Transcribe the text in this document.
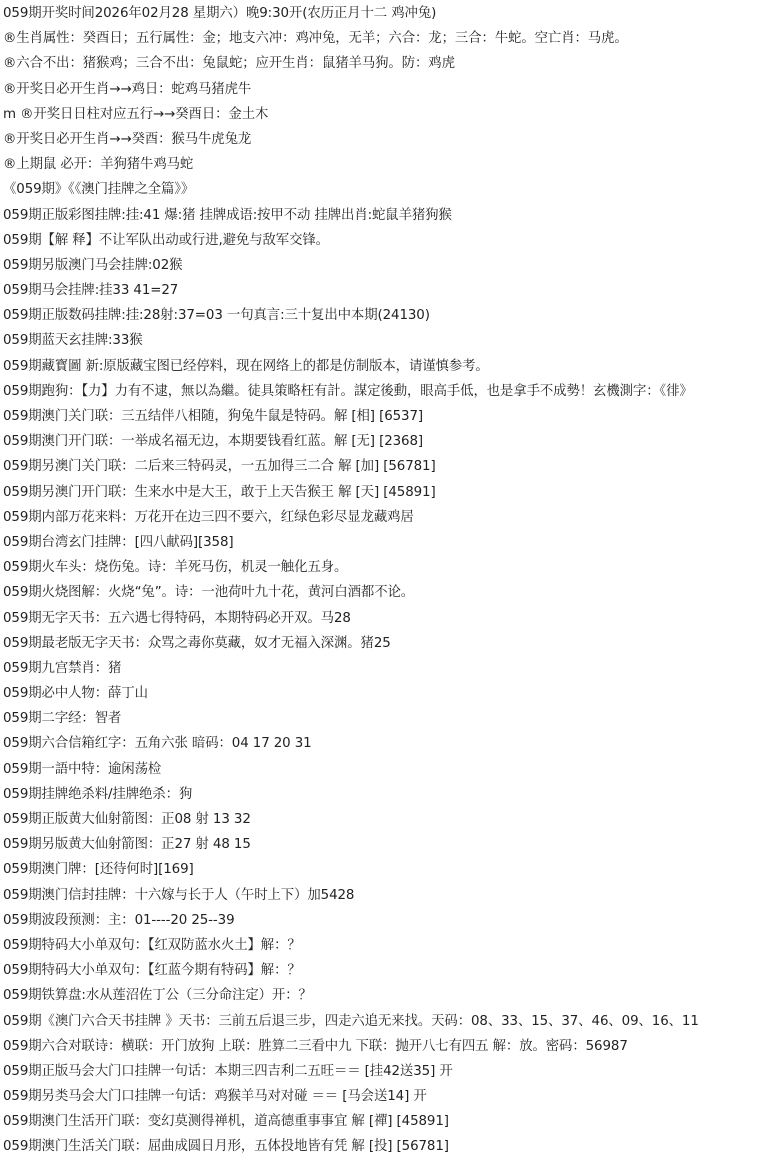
059期开奖时间2026年02月28 星期六）晚9:30开(农历正月十二 鸡冲兔)
®生肖属性：癸酉日；五行属性：金；地支六冲：鸡冲兔，无羊；六合：龙；三合：牛蛇。空亡肖：马虎。
®六合不出：猪猴鸡；三合不出：兔鼠蛇；应开生肖：鼠猪羊马狗。防：鸡虎
®开奖日必开生肖→→鸡日：蛇鸡马猪虎牛
m ®开奖日日柱对应五行→→癸酉日：金土木
®开奖日必开生肖→→癸酉：猴马牛虎兔龙
®上期鼠 必开：羊狗猪牛鸡马蛇
《059期》《《澳门挂牌之全篇》》
059期正版彩图挂牌:挂:41 爆:猪 挂牌成语:按甲不动 挂牌出肖:蛇鼠羊猪狗猴
059期【解 释】不让军队出动或行进,避免与敌军交锋。
059期另版澳门马会挂牌:02猴
059期马会挂牌:挂33 41=27
059期正版数码挂牌:挂:28射:37=03 一句真言:三十复出中本期(24130)
059期蓝天玄挂牌:33猴
059期藏寳圖 新:原版藏宝图已经停料，现在网络上的都是仿制版本，请谨慎参考。
059期跑狗：【力】力有不逮，無以為繼。徒具策略枉有計。謀定後動，眼高手低，也是拿手不成勢！玄機測字：《徘》
059期澳门关门联：三五结伴八相随，狗兔牛鼠是特码。解 [相] [6537]
059期澳门开门联：一举成名福无边，本期要钱看红蓝。解 [无] [2368]
059期另澳门关门联：二后来三特码灵，一五加得三二合 解 [加] [56781]
059期另澳门开门联：生来水中是大王，敢于上天告猴王 解 [天] [45891]
059期内部万花来料：万花开在边三四不要六，红绿色彩尽显龙藏鸡居
059期台湾玄门挂牌：[四八献码][358]
059期火车头：烧伤兔。诗：羊死马伤，机灵一触化五身。
059期火烧图解：火烧“兔”。诗：一池荷叶九十花，黄河白酒都不论。
059期无字天书：五六遇七得特码，本期特码必开双。马28
059期最老版无字天书：众骂之毒你莫藏，奴才无福入深渊。猪25
059期九宫禁肖：猪
059期必中人物：薛丁山
059期二字经：智者
059期六合信箱红字：五角六张 暗码：04 17 20 31
059期一語中特：逾闲荡检
059期挂牌绝杀料/挂牌绝杀：狗
059期正版黄大仙射箭图：正08 射 13 32
059期另版黄大仙射箭图：正27 射 48 15
059期澳门牌：[还待何时][169]
059期澳门信封挂牌：十六嫁与长于人（午时上下）加5428
059期波段预测：主：01----20 25--39
059期特码大小单双句：【红双防蓝水火土】解：？
059期特码大小单双句：【红蓝今期有特码】解：？
059期铁算盘:水从莲沼佐丁公（三分命注定）开：？
059期《澳门六合天书挂牌 》天书：三前五后退三步，四走六追无来找。天码：08、33、15、37、46、09、16、11
059期六合对联诗：横联：开门放狗 上联：胜算二三看中九 下联：抛开八七有四五 解：放。密码：56987
059期正版马会大门口挂牌一句话：本期三四吉利二五旺＝＝ [挂42送35] 开
059期另类马会大门口挂牌一句话：鸡猴羊马对对碰 ＝＝ [马会送14] 开
059期澳门生活开门联：变幻莫测得禅机，道高德重事事宜 解 [禪] [45891]
059期澳门生活关门联：屈曲成圆日月形，五体投地皆有凭 解 [投] [56781]
